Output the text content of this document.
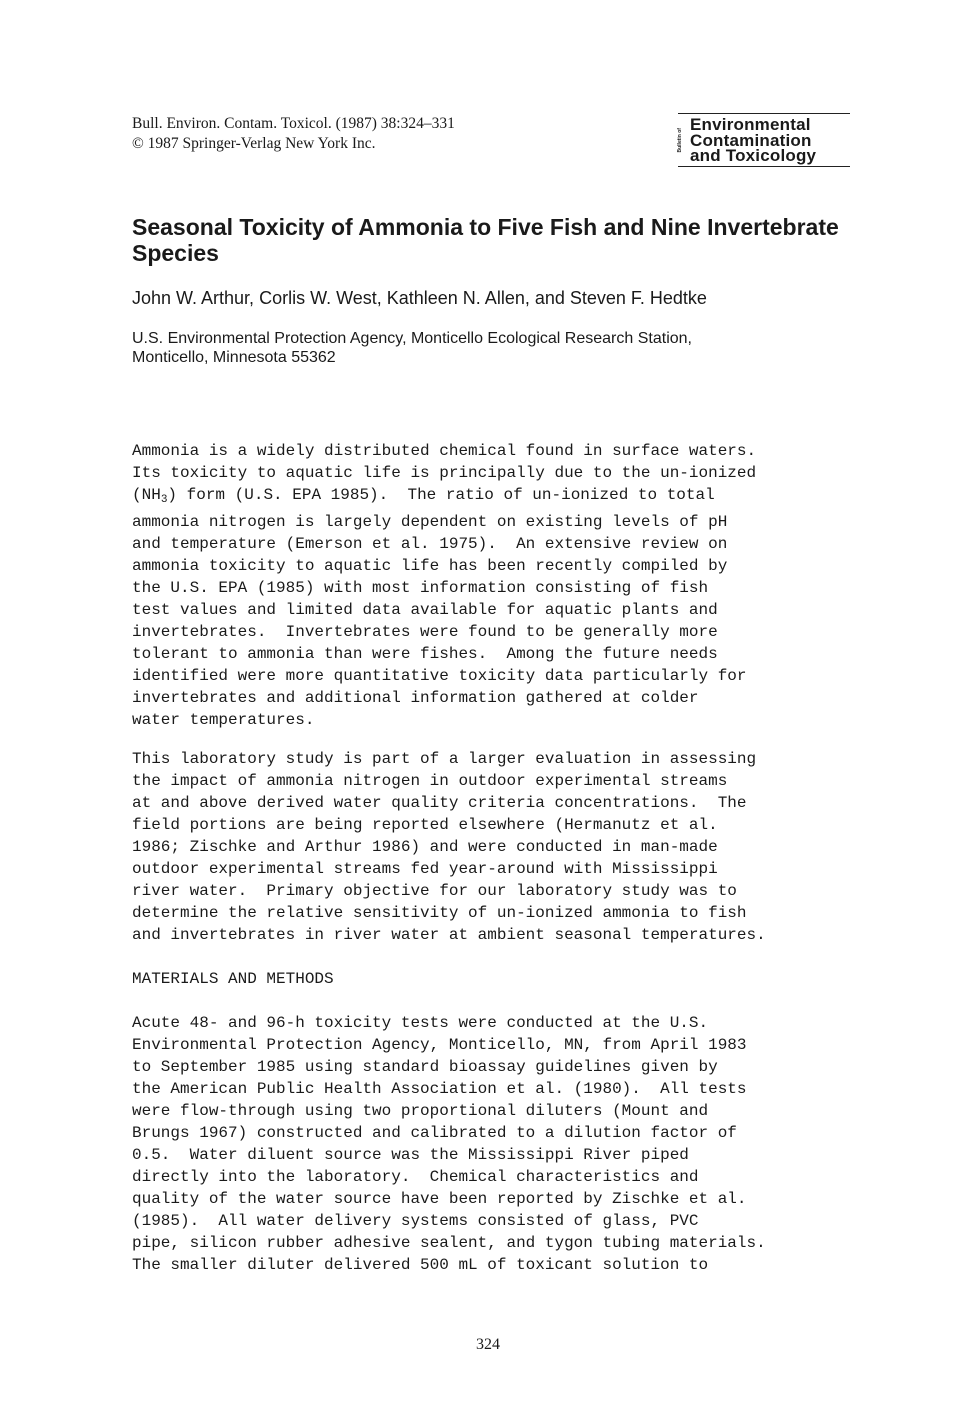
Bull. Environ. Contam. Toxicol. (1987) 38:324–331
© 1987 Springer-Verlag New York Inc.	Bulletin of
Environmental
Contamination
and Toxicology
Seasonal Toxicity of Ammonia to Five Fish and Nine Invertebrate Species
John W. Arthur, Corlis W. West, Kathleen N. Allen, and Steven F. Hedtke
U.S. Environmental Protection Agency, Monticello Ecological Research Station,
Monticello, Minnesota 55362
Ammonia is a widely distributed chemical found in surface waters.
Its toxicity to aquatic life is principally due to the un-ionized
$(NH_3)$ form (U.S. EPA 1985).  The ratio of un-ionized to total
ammonia nitrogen is largely dependent on existing levels of pH
and temperature (Emerson et al. 1975).  An extensive review on
ammonia toxicity to aquatic life has been recently compiled by
the U.S. EPA (1985) with most information consisting of fish
test values and limited data available for aquatic plants and
invertebrates.  Invertebrates were found to be generally more
tolerant to ammonia than were fishes.  Among the future needs
identified were more quantitative toxicity data particularly for
invertebrates and additional information gathered at colder
water temperatures.
This laboratory study is part of a larger evaluation in assessing
the impact of ammonia nitrogen in outdoor experimental streams
at and above derived water quality criteria concentrations.  The
field portions are being reported elsewhere (Hermanutz et al.
1986; Zischke and Arthur 1986) and were conducted in man-made
outdoor experimental streams fed year-around with Mississippi
river water.  Primary objective for our laboratory study was to
determine the relative sensitivity of un-ionized ammonia to fish
and invertebrates in river water at ambient seasonal temperatures.
MATERIALS AND METHODS
Acute 48- and 96-h toxicity tests were conducted at the U.S.
Environmental Protection Agency, Monticello, MN, from April 1983
to September 1985 using standard bioassay guidelines given by
the American Public Health Association et al. (1980).  All tests
were flow-through using two proportional diluters (Mount and
Brungs 1967) constructed and calibrated to a dilution factor of
0.5.  Water diluent source was the Mississippi River piped
directly into the laboratory.  Chemical characteristics and
quality of the water source have been reported by Zischke et al.
(1985).  All water delivery systems consisted of glass, PVC
pipe, silicon rubber adhesive sealent, and tygon tubing materials.
The smaller diluter delivered 500 mL of toxicant solution to
324
